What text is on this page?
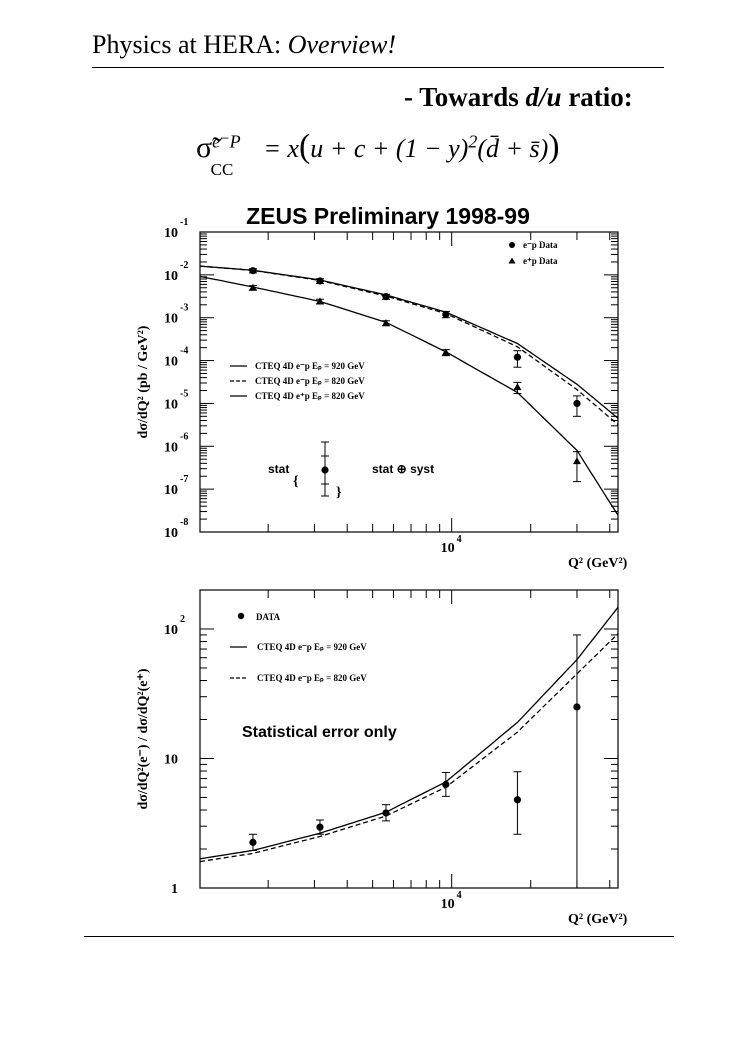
Physics at HERA: Overview!
- Towards d/u ratio:
σ̃$^{e^-P}_{CC}$= $x(u + c + (1 - y)^2(d̄$ + s̄))
ZEUS Preliminary 1998-99
10
-1
10
-2
10
-3
10
-4
10
-5
10
-6
10
-7
10
-8
10
4
Q² (GeV²)
dσ/dQ² (pb / GeV²)
e⁻p Data
e⁺p Data
CTEQ 4D e⁻p Eₚ = 920 GeV
CTEQ 4D e⁻p Eₚ = 820 GeV
CTEQ 4D e⁺p Eₚ = 820 GeV
stat
{
}
stat ⊕ syst
10
2
10
1
10
4
Q² (GeV²)
dσ/dQ²(e⁻) / dσ/dQ²(e⁺)
DATA
CTEQ 4D e⁻p Eₚ = 920 GeV
CTEQ 4D e⁻p Eₚ = 820 GeV
Statistical error only
